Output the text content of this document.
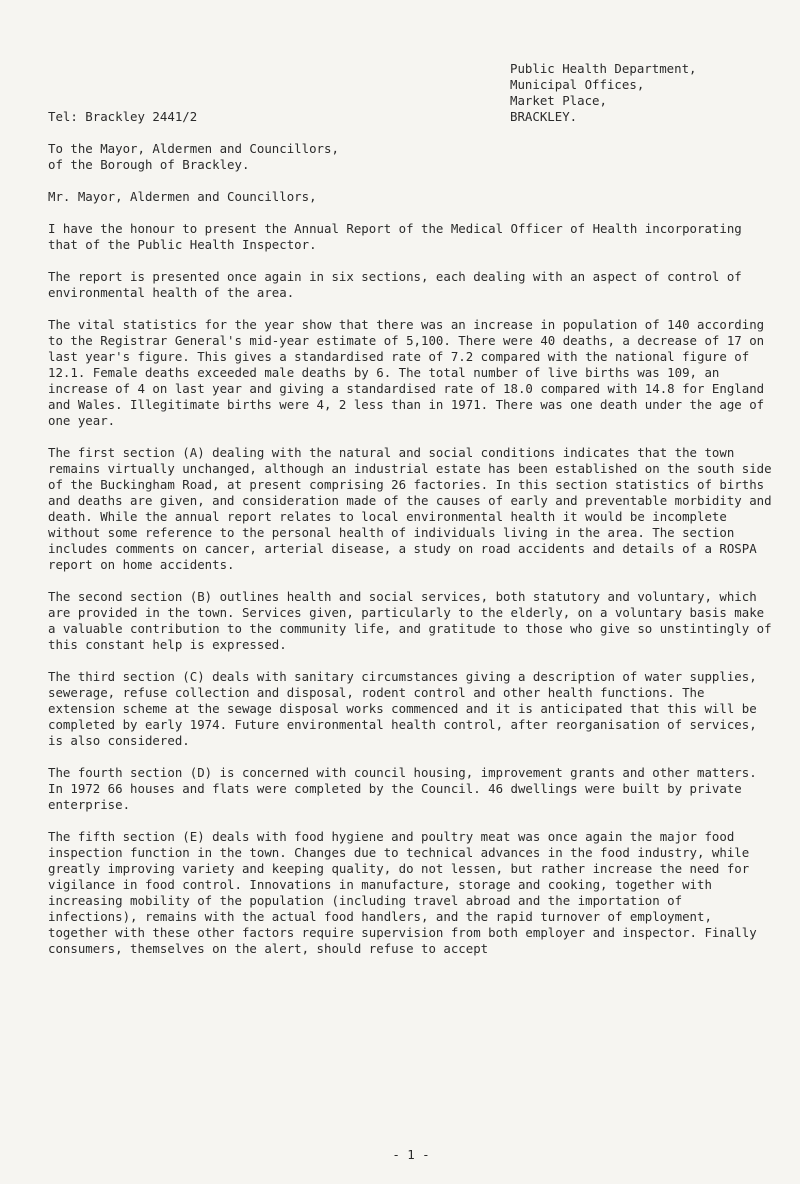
Public Health Department,
Municipal Offices,
Market Place,
BRACKLEY.
Tel: Brackley 2441/2
To the Mayor, Aldermen and Councillors,
of the Borough of Brackley.

Mr. Mayor, Aldermen and Councillors,

I have the honour to present the Annual Report of the Medical Officer of Health incorporating that of the Public Health Inspector.

The report is presented once again in six sections, each dealing with an aspect of control of environmental health of the area.

The vital statistics for the year show that there was an increase in population of 140 according to the Registrar General's mid-year estimate of 5,100. There were 40 deaths, a decrease of 17 on last year's figure. This gives a standardised rate of 7.2 compared with the national figure of 12.1. Female deaths exceeded male deaths by 6. The total number of live births was 109, an increase of 4 on last year and giving a standardised rate of 18.0 compared with 14.8 for England and Wales. Illegitimate births were 4, 2 less than in 1971. There was one death under the age of one year.

The first section (A) dealing with the natural and social conditions indicates that the town remains virtually unchanged, although an industrial estate has been established on the south side of the Buckingham Road, at present comprising 26 factories. In this section statistics of births and deaths are given, and consideration made of the causes of early and preventable morbidity and death. While the annual report relates to local environmental health it would be incomplete without some reference to the personal health of individuals living in the area. The section includes comments on cancer, arterial disease, a study on road accidents and details of a ROSPA report on home accidents.

The second section (B) outlines health and social services, both statutory and voluntary, which are provided in the town. Services given, particularly to the elderly, on a voluntary basis make a valuable contribution to the community life, and gratitude to those who give so unstintingly of this constant help is expressed.

The third section (C) deals with sanitary circumstances giving a description of water supplies, sewerage, refuse collection and disposal, rodent control and other health functions. The extension scheme at the sewage disposal works commenced and it is anticipated that this will be completed by early 1974. Future environmental health control, after reorganisation of services, is also considered.

The fourth section (D) is concerned with council housing, improvement grants and other matters. In 1972 66 houses and flats were completed by the Council. 46 dwellings were built by private enterprise.

The fifth section (E) deals with food hygiene and poultry meat was once again the major food inspection function in the town. Changes due to technical advances in the food industry, while greatly improving variety and keeping quality, do not lessen, but rather increase the need for vigilance in food control. Innovations in manufacture, storage and cooking, together with increasing mobility of the population (including travel abroad and the importation of infections), remains with the actual food handlers, and the rapid turnover of employment, together with these other factors require supervision from both employer and inspector. Finally consumers, themselves on the alert, should refuse to accept

- 1 -
